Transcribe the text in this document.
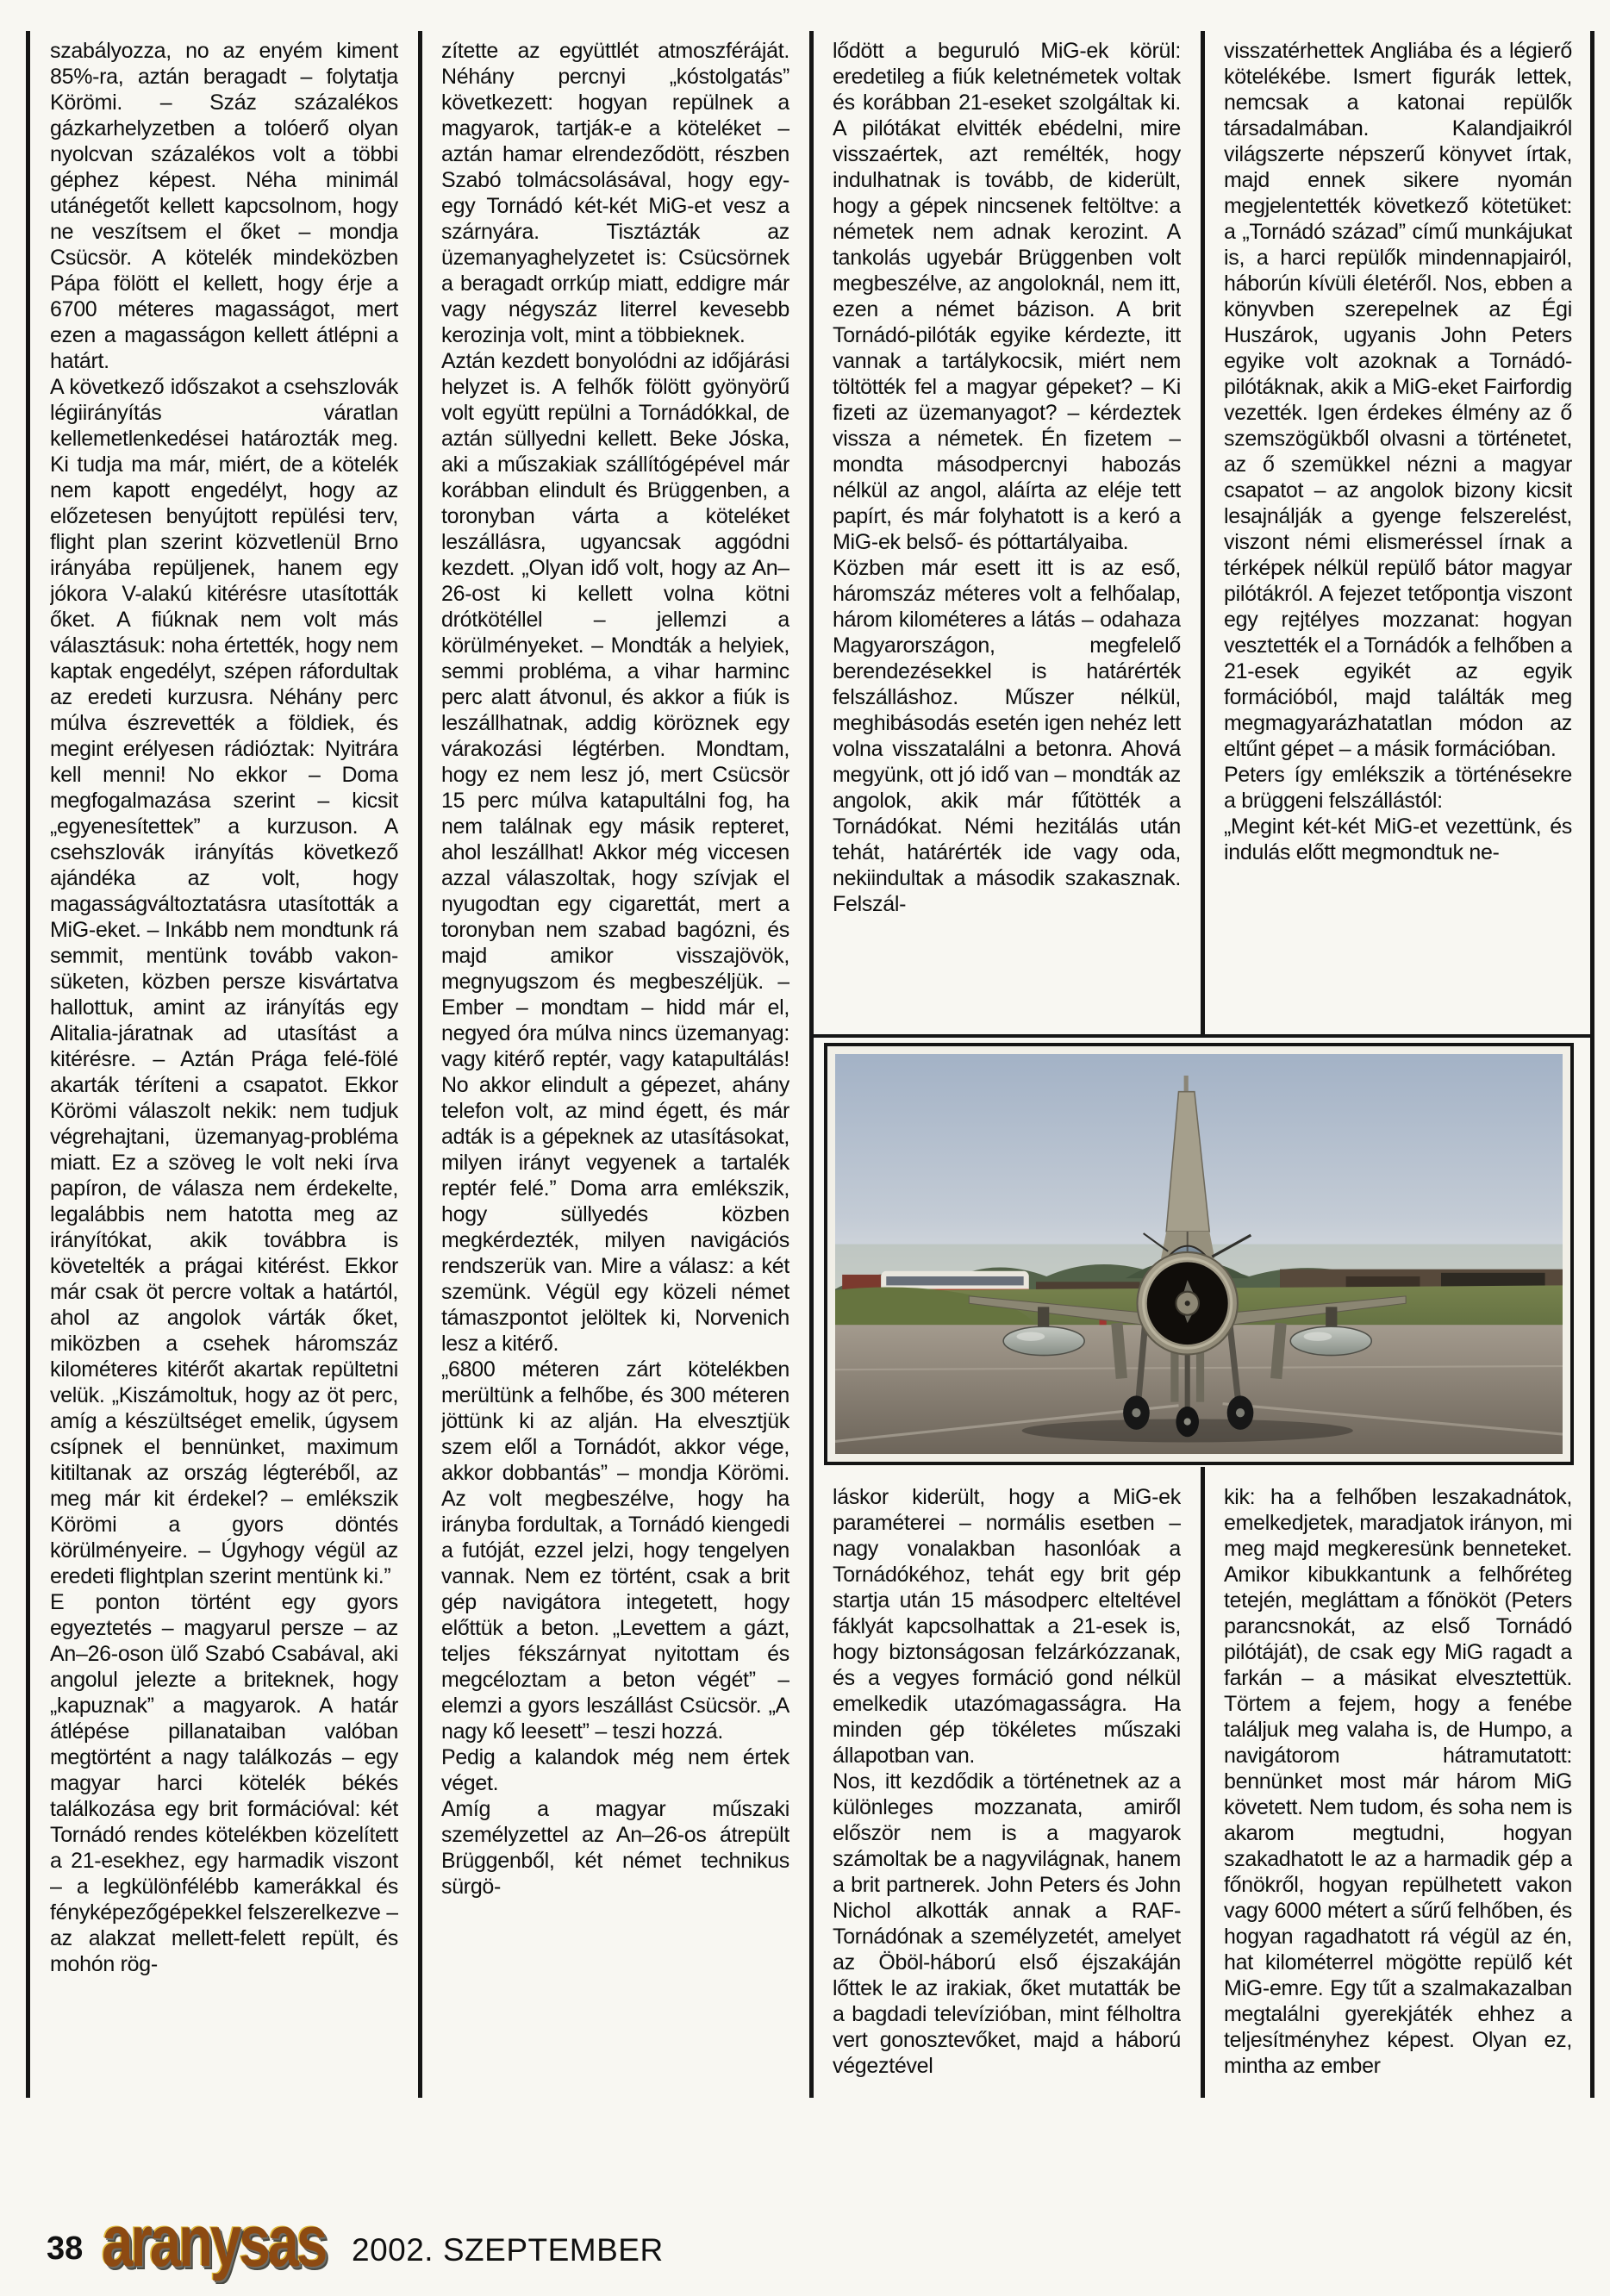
szabályozza, no az enyém kiment 85%-ra, aztán beragadt – folytatja Körömi. – Száz százalékos gázkarhelyzetben a tolóerő olyan nyolcvan százalékos volt a többi géphez képest. Néha minimál utánégetőt kellett kapcsolnom, hogy ne veszítsem el őket – mondja Csücsör. A kötelék mindeközben Pápa fölött el kellett, hogy érje a 6700 méteres magasságot, mert ezen a magasságon kellett átlépni a határt.

A következő időszakot a csehszlovák légiirányítás váratlan kellemetlenkedései határozták meg. Ki tudja ma már, miért, de a kötelék nem kapott engedélyt, hogy az előzetesen benyújtott repülési terv, flight plan szerint közvetlenül Brno irányába repüljenek, hanem egy jókora V-alakú kitérésre utasították őket. A fiúknak nem volt más választásuk: noha értették, hogy nem kaptak engedélyt, szépen ráfordultak az eredeti kurzusra. Néhány perc múlva észrevették a földiek, és megint erélyesen rádióztak: Nyitrára kell menni! No ekkor – Doma megfogalmazása szerint – kicsit „egyenesítettek” a kurzuson. A csehszlovák irányítás következő ajándéka az volt, hogy magasságváltoztatásra utasították a MiG-eket. – Inkább nem mondtunk rá semmit, mentünk tovább vakon-süketen, közben persze kisvártatva hallottuk, amint az irányítás egy Alitalia-járatnak ad utasítást a kitérésre. – Aztán Prága felé-fölé akarták téríteni a csapatot. Ekkor Körömi válaszolt nekik: nem tudjuk végrehajtani, üzemanyag-probléma miatt. Ez a szöveg le volt neki írva papíron, de válasza nem érdekelte, legalábbis nem hatotta meg az irányítókat, akik továbbra is követelték a prágai kitérést. Ekkor már csak öt percre voltak a határtól, ahol az angolok várták őket, miközben a csehek háromszáz kilométeres kitérőt akartak repültetni velük. „Kiszámoltuk, hogy az öt perc, amíg a készültséget emelik, úgysem csípnek el bennünket, maximum kitiltanak az ország légteréből, az meg már kit érdekel? – emlékszik Körömi a gyors döntés körülményeire. – Úgyhogy végül az eredeti flightplan szerint mentünk ki.”

E ponton történt egy gyors egyeztetés – magyarul persze – az An–26-oson ülő Szabó Csabával, aki angolul jelezte a briteknek, hogy „kapuznak” a magyarok. A határ átlépése pillanataiban valóban megtörtént a nagy találkozás – egy magyar harci kötelék békés találkozása egy brit formációval: két Tornádó rendes kötelékben közelített a 21-esekhez, egy harmadik viszont – a legkülönfélébb kamerákkal és fényképezőgépekkel felszerelkezve – az alakzat mellett-felett repült, és mohón rög-

zítette az együttlét atmoszféráját. Néhány percnyi „kóstolgatás” következett: hogyan repülnek a magyarok, tartják-e a köteléket – aztán hamar elrendeződött, részben Szabó tolmácsolásával, hogy egy-egy Tornádó két-két MiG-et vesz a szárnyára. Tisztázták az üzemanyaghelyzetet is: Csücsörnek a beragadt orrkúp miatt, eddigre már vagy négyszáz literrel kevesebb kerozinja volt, mint a többieknek.

Aztán kezdett bonyolódni az időjárási helyzet is. A felhők fölött gyönyörű volt együtt repülni a Tornádókkal, de aztán süllyedni kellett. Beke Jóska, aki a műszakiak szállítógépével már korábban elindult és Brüggenben, a toronyban várta a köteléket leszállásra, ugyancsak aggódni kezdett. „Olyan idő volt, hogy az An–26-ost ki kellett volna kötni drótkötéllel – jellemzi a körülményeket. – Mondták a helyiek, semmi probléma, a vihar harminc perc alatt átvonul, és akkor a fiúk is leszállhatnak, addig köröznek egy várakozási légtérben. Mondtam, hogy ez nem lesz jó, mert Csücsör 15 perc múlva katapultálni fog, ha nem találnak egy másik repteret, ahol leszállhat! Akkor még viccesen azzal válaszoltak, hogy szívjak el nyugodtan egy cigarettát, mert a toronyban nem szabad bagózni, és majd amikor visszajövök, megnyugszom és megbeszéljük. – Ember – mondtam – hidd már el, negyed óra múlva nincs üzemanyag: vagy kitérő reptér, vagy katapultálás! No akkor elindult a gépezet, ahány telefon volt, az mind égett, és már adták is a gépeknek az utasításokat, milyen irányt vegyenek a tartalék reptér felé.” Doma arra emlékszik, hogy süllyedés közben megkérdezték, milyen navigációs rendszerük van. Mire a válasz: a két szemünk. Végül egy közeli német támaszpontot jelöltek ki, Norvenich lesz a kitérő.

„6800 méteren zárt kötelékben merültünk a felhőbe, és 300 méteren jöttünk ki az alján. Ha elvesztjük szem elől a Tornádót, akkor vége, akkor dobbantás” – mondja Körömi. Az volt megbeszélve, hogy ha irányba fordultak, a Tornádó kiengedi a futóját, ezzel jelzi, hogy tengelyen vannak. Nem ez történt, csak a brit gép navigátora integetett, hogy előttük a beton. „Levettem a gázt, teljes fékszárnyat nyitottam és megcéloztam a beton végét” – elemzi a gyors leszállást Csücsör. „A nagy kő leesett” – teszi hozzá.

Pedig a kalandok még nem értek véget.

Amíg a magyar műszaki személyzettel az An–26-os átrepült Brüggenből, két német technikus sürgö-

lődött a beguruló MiG-ek körül: eredetileg a fiúk keletnémetek voltak és korábban 21-eseket szolgáltak ki. A pilótákat elvitték ebédelni, mire visszaértek, azt remélték, hogy indulhatnak is tovább, de kiderült, hogy a gépek nincsenek feltöltve: a németek nem adnak kerozint. A tankolás ugyebár Brüggenben volt megbeszélve, az angoloknál, nem itt, ezen a német bázison. A brit Tornádó-pilóták egyike kérdezte, itt vannak a tartálykocsik, miért nem töltötték fel a magyar gépeket? – Ki fizeti az üzemanyagot? – kérdeztek vissza a németek. Én fizetem – mondta másodpercnyi habozás nélkül az angol, aláírta az eléje tett papírt, és már folyhatott is a keró a MiG-ek belső- és póttartályaiba.

Közben már esett itt is az eső, háromszáz méteres volt a felhőalap, három kilométeres a látás – odahaza Magyarországon, megfelelő berendezésekkel is határérték felszálláshoz. Műszer nélkül, meghibásodás esetén igen nehéz lett volna visszatalálni a betonra. Ahová megyünk, ott jó idő van – mondták az angolok, akik már fűtötték a Tornádókat. Némi hezitálás után tehát, határérték ide vagy oda, nekiindultak a második szakasznak. Felszál-

visszatérhettek Angliába és a légierő kötelékébe. Ismert figurák lettek, nemcsak a katonai repülők társadalmában. Kalandjaikról világszerte népszerű könyvet írtak, majd ennek sikere nyomán megjelentették következő kötetüket: a „Tornádó század” című munkájukat is, a harci repülők mindennapjairól, háborún kívüli életéről. Nos, ebben a könyvben szerepelnek az Égi Huszárok, ugyanis John Peters egyike volt azoknak a Tornádó-pilótáknak, akik a MiG-eket Fairfordig vezették. Igen érdekes élmény az ő szemszögükből olvasni a történetet, az ő szemükkel nézni a magyar csapatot – az angolok bizony kicsit lesajnálják a gyenge felszerelést, viszont némi elismeréssel írnak a térképek nélkül repülő bátor magyar pilótákról. A fejezet tetőpontja viszont egy rejtélyes mozzanat: hogyan vesztették el a Tornádók a felhőben a 21-esek egyikét az egyik formációból, majd találták meg megmagyarázhatatlan módon az eltűnt gépet – a másik formációban.

Peters így emlékszik a történésekre a brüggeni felszállástól:

„Megint két-két MiG-et vezettünk, és indulás előtt megmondtuk ne-

láskor kiderült, hogy a MiG-ek paraméterei – normális esetben – nagy vonalakban hasonlóak a Tornádókéhoz, tehát egy brit gép startja után 15 másodperc elteltével fáklyát kapcsolhattak a 21-esek is, hogy biztonságosan felzárkózzanak, és a vegyes formáció gond nélkül emelkedik utazómagasságra. Ha minden gép tökéletes műszaki állapotban van.

Nos, itt kezdődik a történetnek az a különleges mozzanata, amiről először nem is a magyarok számoltak be a nagyvilágnak, hanem a brit partnerek. John Peters és John Nichol alkották annak a RAF-Tornádónak a személyzetét, amelyet az Öböl-háború első éjszakáján lőttek le az irakiak, őket mutatták be a bagdadi televízióban, mint félholtra vert gonosztevőket, majd a háború végeztével

kik: ha a felhőben leszakadnátok, emelkedjetek, maradjatok irányon, mi meg majd megkeresünk benneteket. Amikor kibukkantunk a felhőréteg tetején, megláttam a főnököt (Peters parancsnokát, az első Tornádó pilótáját), de csak egy MiG ragadt a farkán – a másikat elvesztettük. Törtem a fejem, hogy a fenébe találjuk meg valaha is, de Humpo, a navigátorom hátramutatott: bennünket most már három MiG követett. Nem tudom, és soha nem is akarom megtudni, hogyan szakadhatott le az a harmadik gép a főnökről, hogyan repülhetett vakon vagy 6000 métert a sűrű felhőben, és hogyan ragadhatott rá végül az én, hat kilométerrel mögötte repülő két MiG-emre. Egy tűt a szalmakazalban megtalálni gyerekjáték ehhez a teljesítményhez képest. Olyan ez, mintha az ember

38 aranysas 2002. SZEPTEMBER
